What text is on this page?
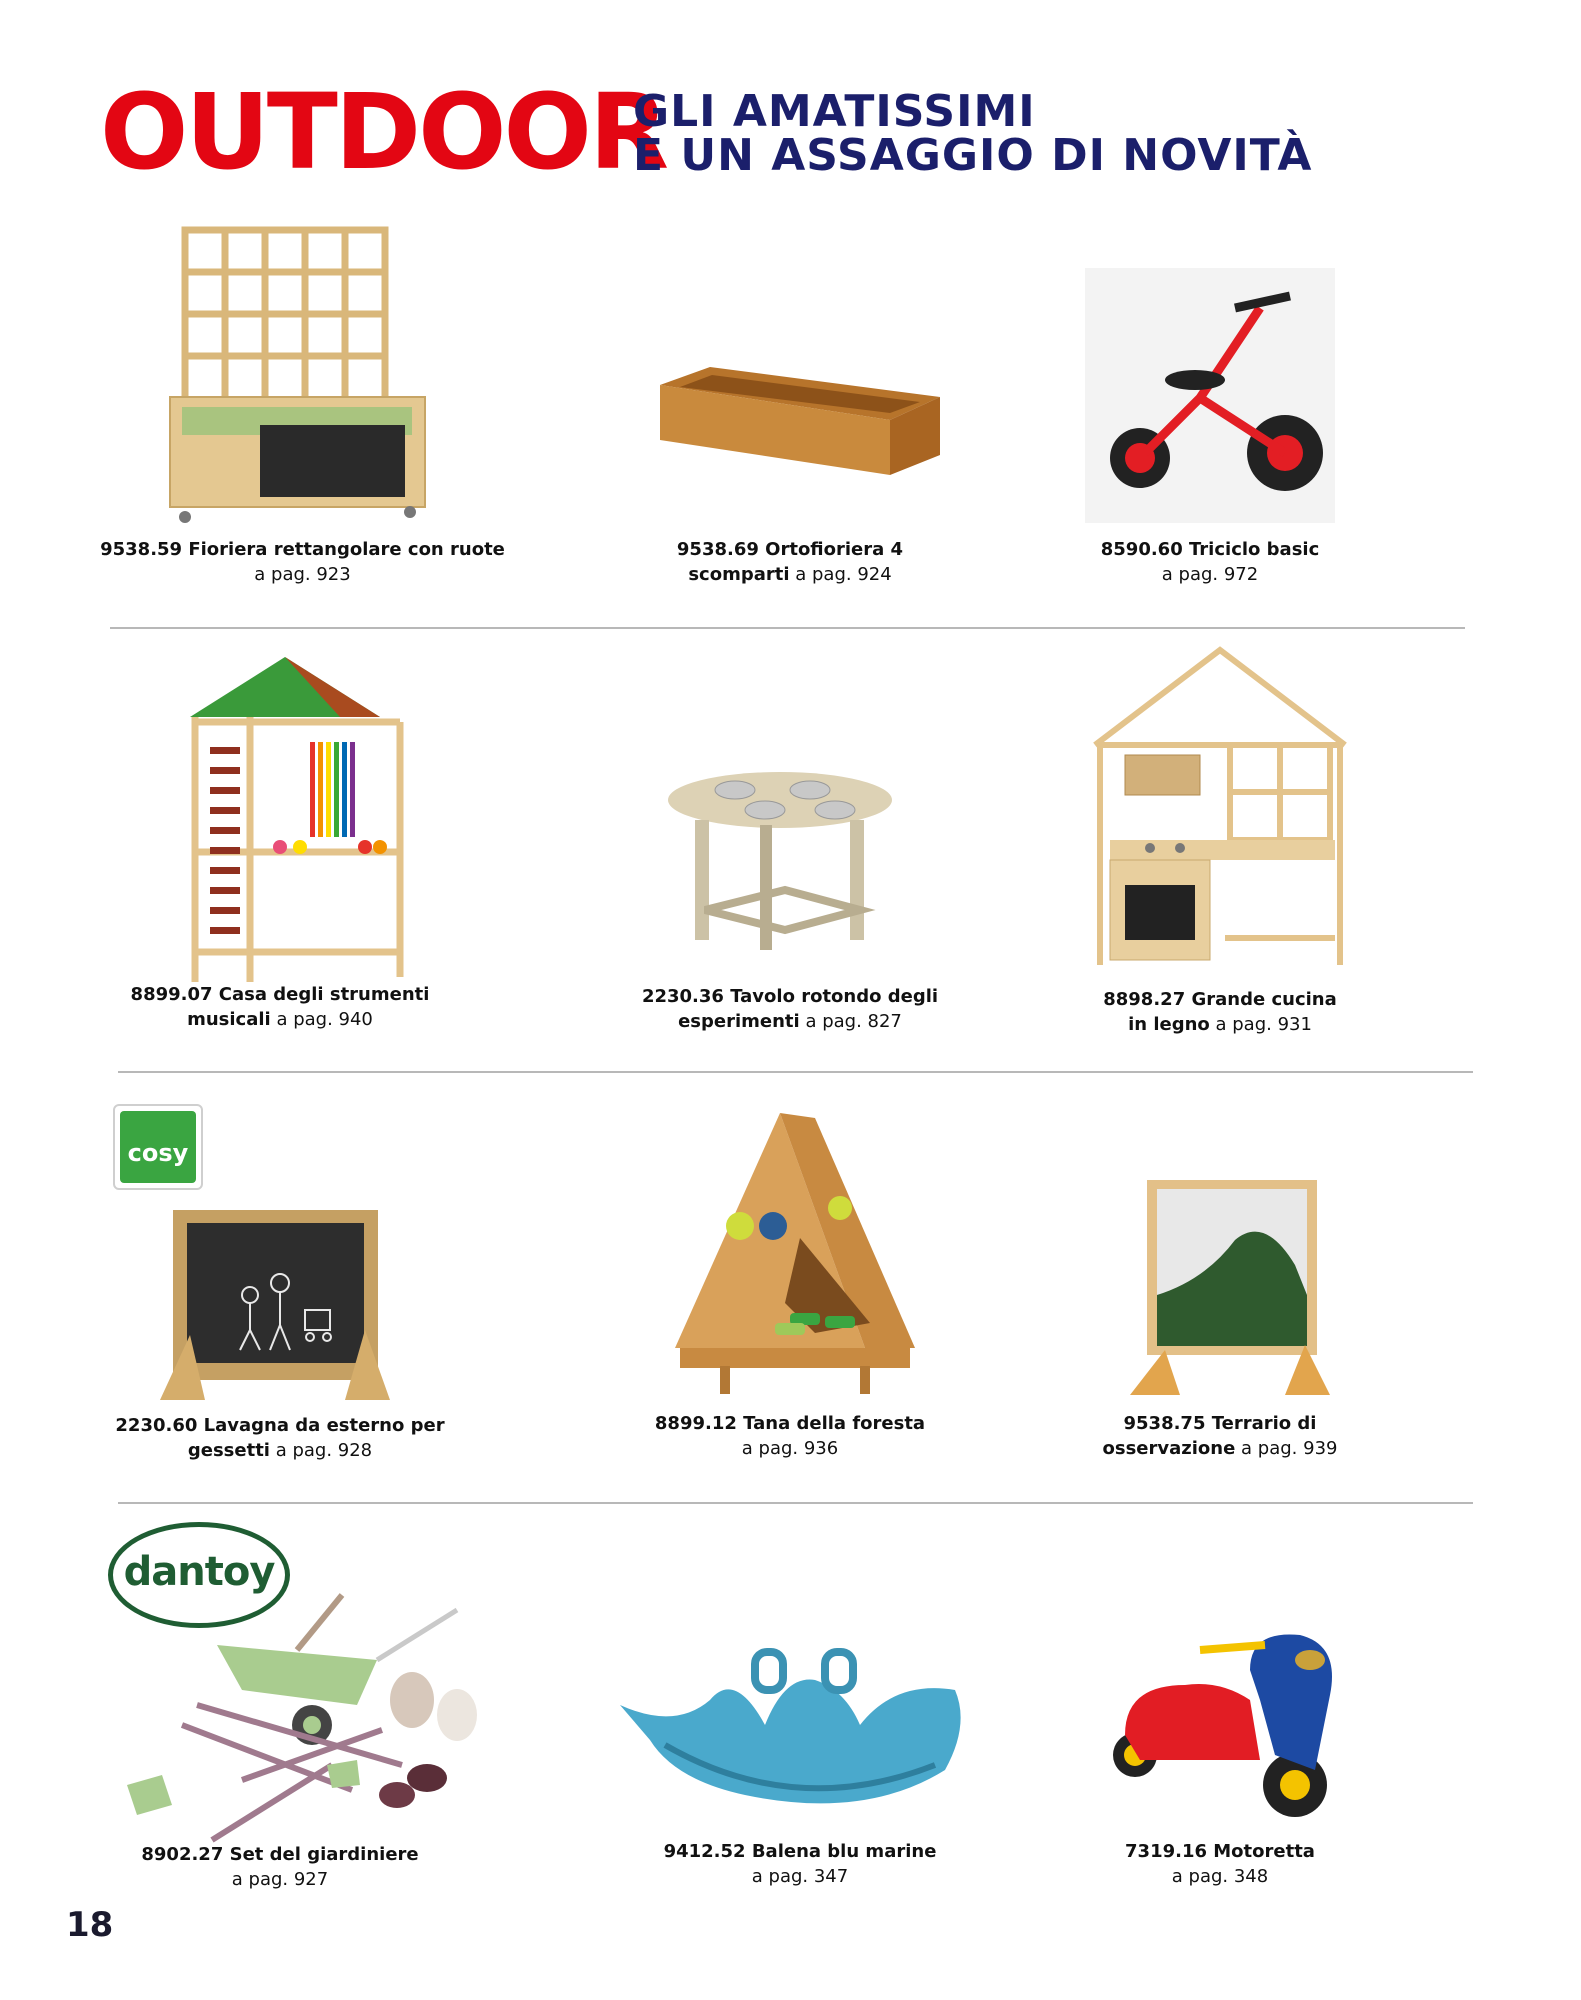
OUTDOOR
GLI AMATISSIMI
E UN ASSAGGIO DI NOVITÀ
9538.59 Fioriera rettangolare con ruote
a pag. 923
9538.69 Ortofioriera 4
scomparti a pag. 924
8590.60 Triciclo basic
a pag. 972
8899.07 Casa degli strumenti
musicali a pag. 940
2230.36 Tavolo rotondo degli
esperimenti a pag. 827
8898.27 Grande cucina
in legno a pag. 931
cosy
2230.60 Lavagna da esterno per
gessetti a pag. 928
8899.12 Tana della foresta
a pag. 936
9538.75 Terrario di
osservazione a pag. 939
dantoy
8902.27 Set del giardiniere
a pag. 927
9412.52 Balena blu marine
a pag. 347
7319.16 Motoretta
a pag. 348
18
